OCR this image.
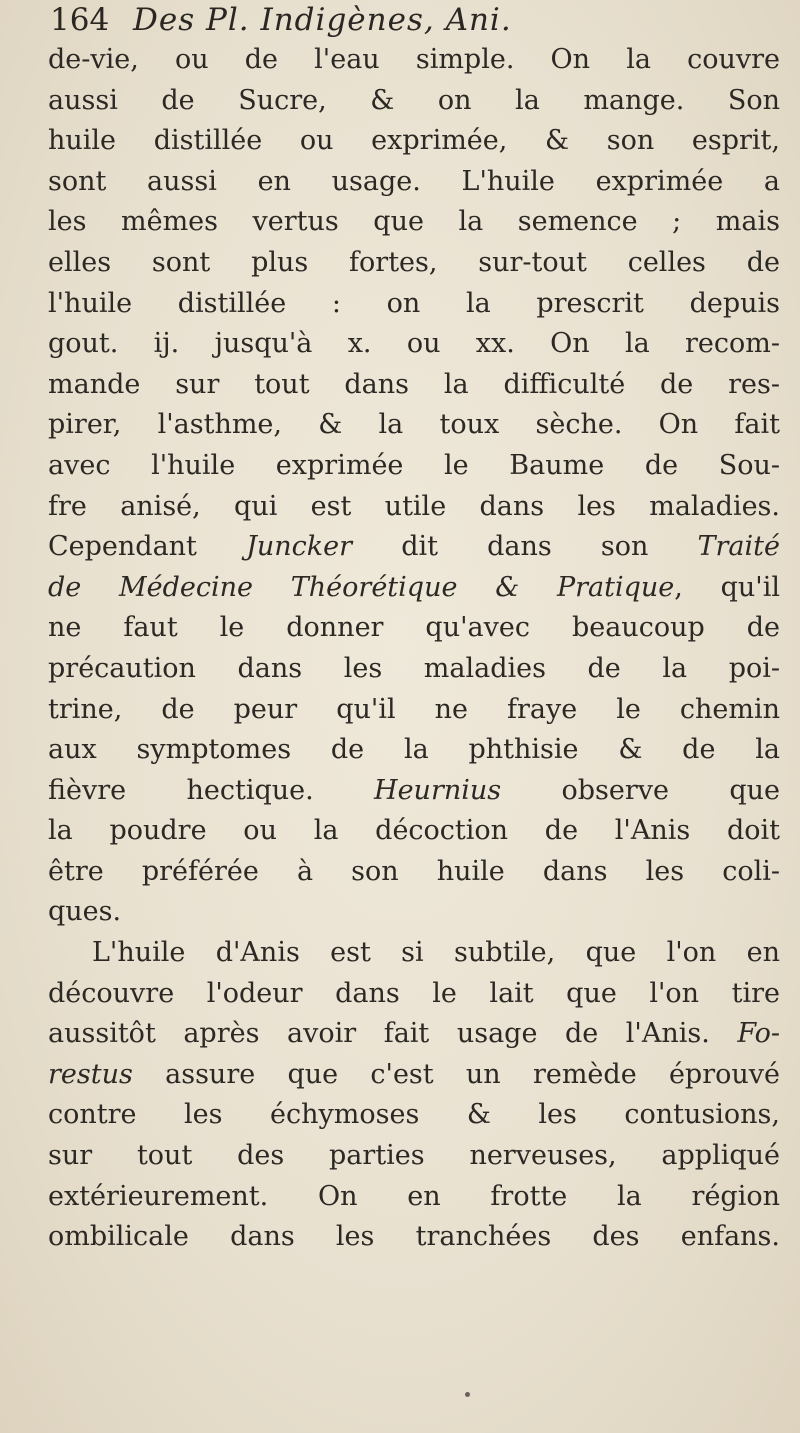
164 Des Pl. Indigènes, Ani.
de-vie, ou de l'eau simple. On la couvre
aussi de Sucre, & on la mange. Son
huile distillée ou exprimée, & son esprit,
sont aussi en usage. L'huile exprimée a
les mêmes vertus que la semence ; mais
elles sont plus fortes, sur-tout celles de
l'huile distillée : on la prescrit depuis
gout. ij. jusqu'à x. ou xx. On la recom-
mande sur tout dans la difficulté de res-
pirer, l'asthme, & la toux sèche. On fait
avec l'huile exprimée le Baume de Sou-
fre anisé, qui est utile dans les maladies.
Cependant Juncker dit dans son Traité
de Médecine Théorétique & Pratique, qu'il
ne faut le donner qu'avec beaucoup de
précaution dans les maladies de la poi-
trine, de peur qu'il ne fraye le chemin
aux symptomes de la phthisie & de la
fièvre hectique. Heurnius observe que
la poudre ou la décoction de l'Anis doit
être préférée à son huile dans les coli-
ques.
L'huile d'Anis est si subtile, que l'on en
découvre l'odeur dans le lait que l'on tire
aussitôt après avoir fait usage de l'Anis. Fo-
restus assure que c'est un remède éprouvé
contre les échymoses & les contusions,
sur tout des parties nerveuses, appliqué
extérieurement. On en frotte la région
ombilicale dans les tranchées des enfans.
